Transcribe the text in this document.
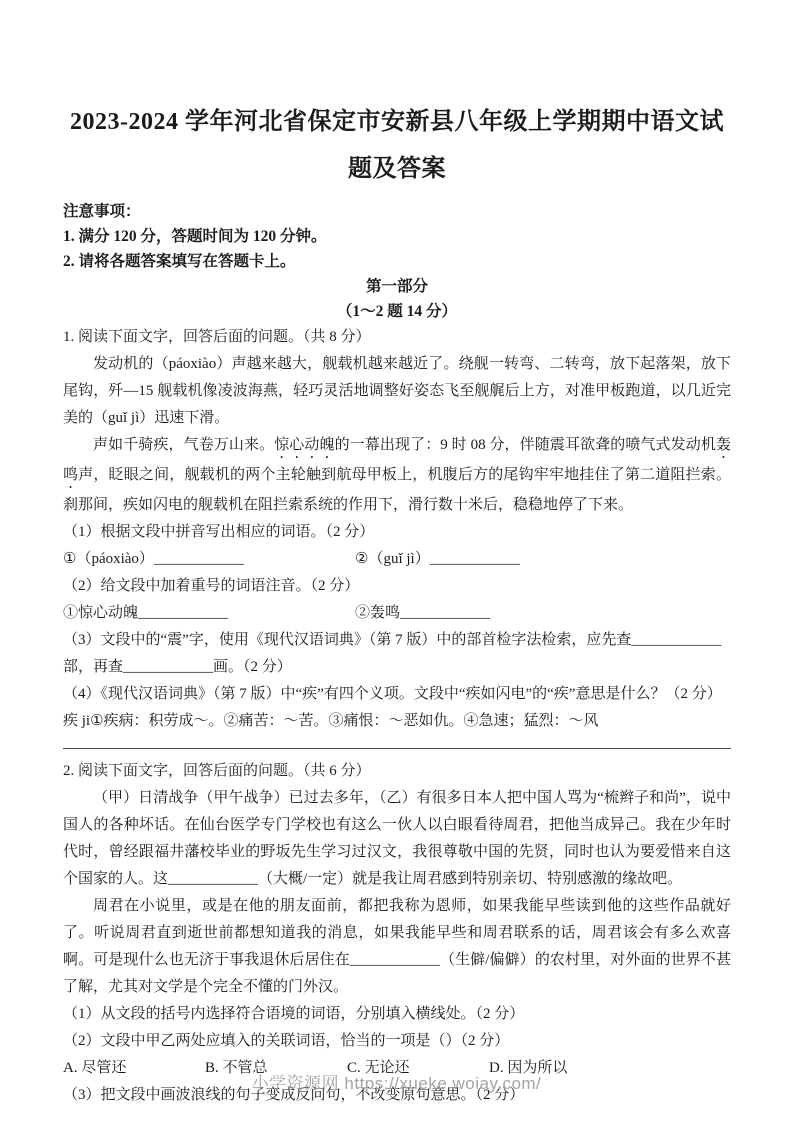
2023-2024 学年河北省保定市安新县八年级上学期期中语文试题及答案

注意事项：

1. 满分 120 分，答题时间为 120 分钟。

2. 请将各题答案填写在答题卡上。

第一部分

（1～2 题 14 分）

1. 阅读下面文字，回答后面的问题。（共 8 分）

发动机的（páoxiào）声越来越大，舰载机越来越近了。绕舰一转弯、二转弯，放下起落架，放下尾钩，歼—15 舰载机像凌波海燕，轻巧灵活地调整好姿态飞至舰艉后上方，对准甲板跑道，以几近完美的（guǐ jì）迅速下滑。

声如千骑疾，气卷万山来。惊心动魄的一幕出现了：9 时 08 分，伴随震耳欲聋的喷气式发动机轰鸣声，眨眼之间，舰载机的两个主轮触到航母甲板上，机腹后方的尾钩牢牢地挂住了第二道阻拦索。刹那间，疾如闪电的舰载机在阻拦索系统的作用下，滑行数十米后，稳稳地停了下来。

（1）根据文段中拼音写出相应的词语。（2 分）

①（páoxiào）____________	②（guǐ jì）____________

（2）给文段中加着重号的词语注音。（2 分）

①惊心动魄____________	②轰鸣____________

（3）文段中的“震”字，使用《现代汉语词典》（第 7 版）中的部首检字法检索，应先查____________部，再查____________画。（2 分）

（4）《现代汉语词典》（第 7 版）中“疾”有四个义项。文段中“疾如闪电”的“疾”意思是什么？（2 分）

疾 ji①疾病：积劳成～。②痛苦：～苦。③痛恨：～恶如仇。④急速；猛烈：～风

2. 阅读下面文字，回答后面的问题。（共 6 分）

（甲）日清战争（甲午战争）已过去多年，（乙）有很多日本人把中国人骂为“梳辫子和尚”，说中国人的各种坏话。在仙台医学专门学校也有这么一伙人以白眼看待周君，把他当成异己。我在少年时代时，曾经跟福井藩校毕业的野坂先生学习过汉文，我很尊敬中国的先贤，同时也认为要爱惜来自这个国家的人。这____________（大概/一定）就是我让周君感到特别亲切、特别感激的缘故吧。

周君在小说里，或是在他的朋友面前，都把我称为恩师，如果我能早些读到他的这些作品就好了。听说周君直到逝世前都想知道我的消息，如果我能早些和周君联系的话，周君该会有多么欢喜啊。可是现什么也无济于事我退休后居住在____________（生僻/偏僻）的农村里，对外面的世界不甚了解，尤其对文学是个完全不懂的门外汉。

（1）从文段的括号内选择符合语境的词语，分别填入横线处。（2 分）

（2）文段中甲乙两处应填入的关联词语，恰当的一项是（）（2 分）

A. 尽管还	B. 不管总	C. 无论还	D. 因为所以

（3）把文段中画波浪线的句子变成反问句，不改变原句意思。（2 分）

小学资源网 https://xueke.woiay.com/
